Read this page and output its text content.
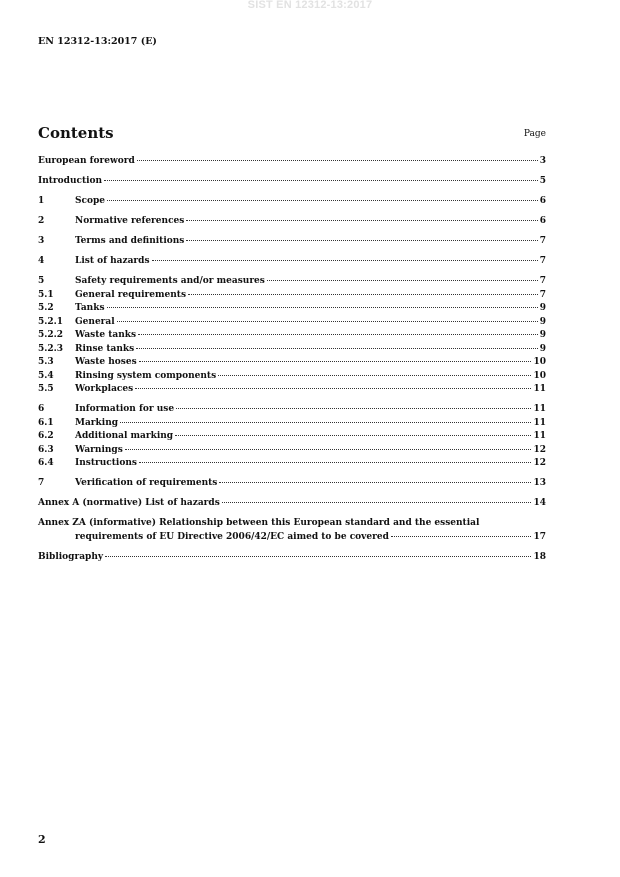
SIST EN 12312-13:2017
EN 12312-13:2017 (E)
Contents	Page
European foreword	3
Introduction	5
1	Scope	6
2	Normative references	6
3	Terms and definitions	7
4	List of hazards	7
5	Safety requirements and/or measures	7
5.1	General requirements	7
5.2	Tanks	9
5.2.1	General	9
5.2.2	Waste tanks	9
5.2.3	Rinse tanks	9
5.3	Waste hoses	10
5.4	Rinsing system components	10
5.5	Workplaces	11
6	Information for use	11
6.1	Marking	11
6.2	Additional marking	11
6.3	Warnings	12
6.4	Instructions	12
7	Verification of requirements	13
Annex A (normative) List of hazards	14
Annex ZA (informative) Relationship between this European standard and the essential
requirements of EU Directive 2006/42/EC aimed to be covered	17
Bibliography	18
2
